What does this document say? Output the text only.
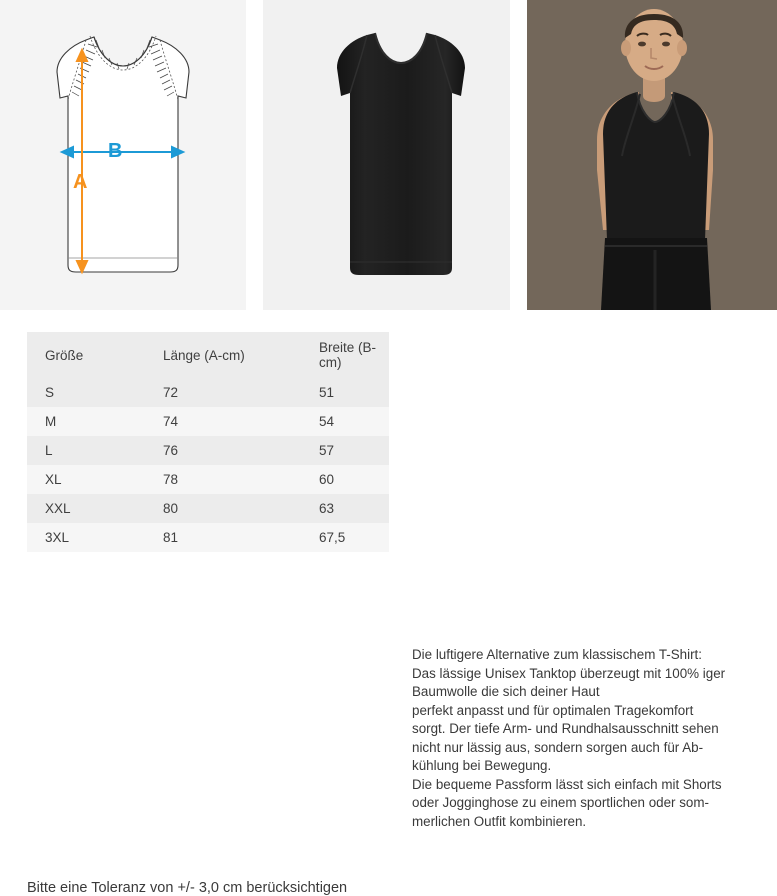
B
A
Größe	Länge (A-cm)	Breite (B-cm)
S	72	51
M	74	54
L	76	57
XL	78	60
XXL	80	63
3XL	81	67,5

Die luftigere Alternative zum klassischem T-Shirt:

Das lässige Unisex Tanktop überzeugt mit 100% iger

Baumwolle die sich deiner Haut

perfekt anpasst und für optimalen Tragekomfort

sorgt. Der tiefe Arm- und Rundhalsausschnitt sehen

nicht nur lässig aus, sondern sorgen auch für Ab-

kühlung bei Bewegung.

Die bequeme Passform lässt sich einfach mit Shorts

oder Jogginghose zu einem sportlichen oder som-

merlichen Outfit kombinieren.

Bitte eine Toleranz von +/- 3,0 cm berücksichtigen
